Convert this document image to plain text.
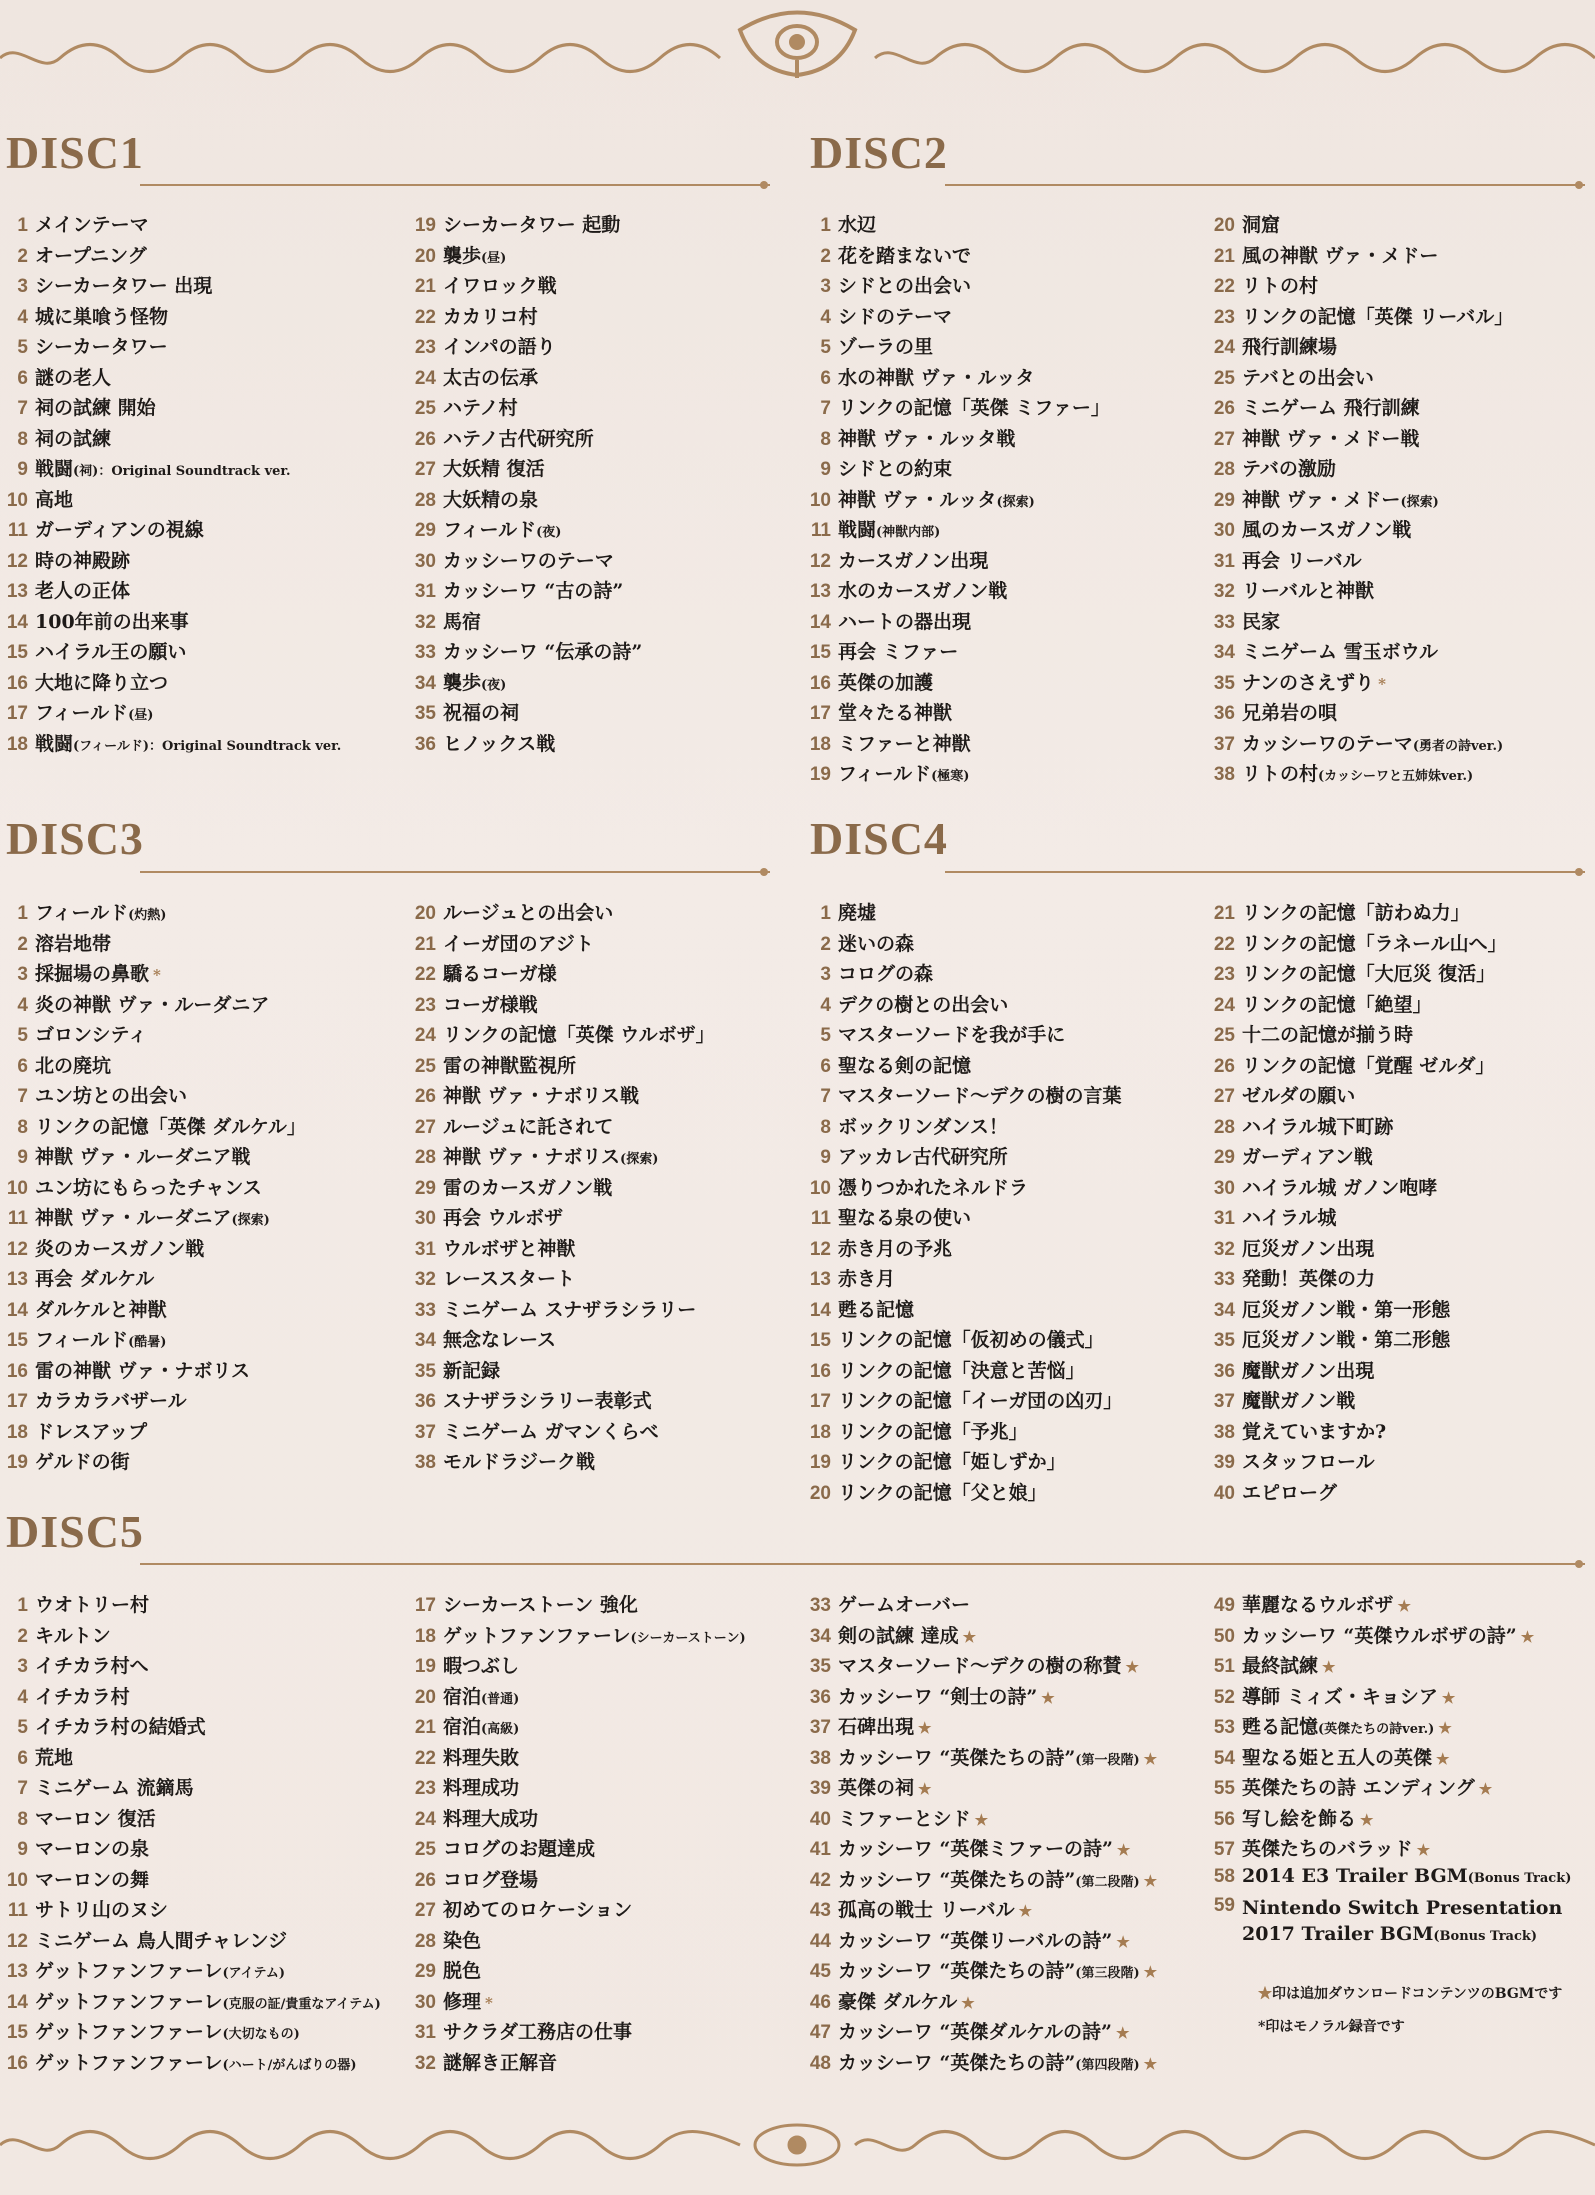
DISC1	DISC2
DISC3	DISC4
DISC5
1 メインテーマ
2 オープニング
3 シーカータワー 出現
4 城に巣喰う怪物
5 シーカータワー
6 謎の老人
7 祠の試練 開始
8 祠の試練
9 戦闘(祠)：Original Soundtrack ver.
10 高地
11 ガーディアンの視線
12 時の神殿跡
13 老人の正体
14 100年前の出来事
15 ハイラル王の願い
16 大地に降り立つ
17 フィールド(昼)
18 戦闘(フィールド)：Original Soundtrack ver.
19 シーカータワー 起動
20 襲歩(昼)
21 イワロック戦
22 カカリコ村
23 インパの語り
24 太古の伝承
25 ハテノ村
26 ハテノ古代研究所
27 大妖精 復活
28 大妖精の泉
29 フィールド(夜)
30 カッシーワのテーマ
31 カッシーワ “古の詩”
32 馬宿
33 カッシーワ “伝承の詩”
34 襲歩(夜)
35 祝福の祠
36 ヒノックス戦
1 水辺
2 花を踏まないで
3 シドとの出会い
4 シドのテーマ
5 ゾーラの里
6 水の神獣 ヴァ・ルッタ
7 リンクの記憶「英傑 ミファー」
8 神獣 ヴァ・ルッタ戦
9 シドとの約束
10 神獣 ヴァ・ルッタ(探索)
11 戦闘(神獣内部)
12 カースガノン出現
13 水のカースガノン戦
14 ハートの器出現
15 再会 ミファー
16 英傑の加護
17 堂々たる神獣
18 ミファーと神獣
19 フィールド(極寒)
20 洞窟
21 風の神獣 ヴァ・メドー
22 リトの村
23 リンクの記憶「英傑 リーバル」
24 飛行訓練場
25 テバとの出会い
26 ミニゲーム 飛行訓練
27 神獣 ヴァ・メドー戦
28 テバの激励
29 神獣 ヴァ・メドー(探索)
30 風のカースガノン戦
31 再会 リーバル
32 リーバルと神獣
33 民家
34 ミニゲーム 雪玉ボウル
35 ナンのさえずり *
36 兄弟岩の唄
37 カッシーワのテーマ(勇者の詩ver.)
38 リトの村(カッシーワと五姉妹ver.)
1 フィールド(灼熱)
2 溶岩地帯
3 採掘場の鼻歌 *
4 炎の神獣 ヴァ・ルーダニア
5 ゴロンシティ
6 北の廃坑
7 ユン坊との出会い
8 リンクの記憶「英傑 ダルケル」
9 神獣 ヴァ・ルーダニア戦
10 ユン坊にもらったチャンス
11 神獣 ヴァ・ルーダニア(探索)
12 炎のカースガノン戦
13 再会 ダルケル
14 ダルケルと神獣
15 フィールド(酷暑)
16 雷の神獣 ヴァ・ナボリス
17 カラカラバザール
18 ドレスアップ
19 ゲルドの街
20 ルージュとの出会い
21 イーガ団のアジト
22 驕るコーガ様
23 コーガ様戦
24 リンクの記憶「英傑 ウルボザ」
25 雷の神獣監視所
26 神獣 ヴァ・ナボリス戦
27 ルージュに託されて
28 神獣 ヴァ・ナボリス(探索)
29 雷のカースガノン戦
30 再会 ウルボザ
31 ウルボザと神獣
32 レーススタート
33 ミニゲーム スナザラシラリー
34 無念なレース
35 新記録
36 スナザラシラリー表彰式
37 ミニゲーム ガマンくらべ
38 モルドラジーク戦
1 廃墟
2 迷いの森
3 コログの森
4 デクの樹との出会い
5 マスターソードを我が手に
6 聖なる剣の記憶
7 マスターソード〜デクの樹の言葉
8 ボックリンダンス！
9 アッカレ古代研究所
10 憑りつかれたネルドラ
11 聖なる泉の使い
12 赤き月の予兆
13 赤き月
14 甦る記憶
15 リンクの記憶「仮初めの儀式」
16 リンクの記憶「決意と苦悩」
17 リンクの記憶「イーガ団の凶刃」
18 リンクの記憶「予兆」
19 リンクの記憶「姫しずか」
20 リンクの記憶「父と娘」
21 リンクの記憶「訪わぬ力」
22 リンクの記憶「ラネール山へ」
23 リンクの記憶「大厄災 復活」
24 リンクの記憶「絶望」
25 十二の記憶が揃う時
26 リンクの記憶「覚醒 ゼルダ」
27 ゼルダの願い
28 ハイラル城下町跡
29 ガーディアン戦
30 ハイラル城 ガノン咆哮
31 ハイラル城
32 厄災ガノン出現
33 発動！英傑の力
34 厄災ガノン戦・第一形態
35 厄災ガノン戦・第二形態
36 魔獣ガノン出現
37 魔獣ガノン戦
38 覚えていますか?
39 スタッフロール
40 エピローグ
1 ウオトリー村
2 キルトン
3 イチカラ村へ
4 イチカラ村
5 イチカラ村の結婚式
6 荒地
7 ミニゲーム 流鏑馬
8 マーロン 復活
9 マーロンの泉
10 マーロンの舞
11 サトリ山のヌシ
12 ミニゲーム 鳥人間チャレンジ
13 ゲットファンファーレ(アイテム)
14 ゲットファンファーレ(克服の証/貴重なアイテム)
15 ゲットファンファーレ(大切なもの)
16 ゲットファンファーレ(ハート/がんばりの器)
17 シーカーストーン 強化
18 ゲットファンファーレ(シーカーストーン)
19 暇つぶし
20 宿泊(普通)
21 宿泊(高級)
22 料理失敗
23 料理成功
24 料理大成功
25 コログのお題達成
26 コログ登場
27 初めてのロケーション
28 染色
29 脱色
30 修理 *
31 サクラダ工務店の仕事
32 謎解き正解音
33 ゲームオーバー
34 剣の試練 達成 ★
35 マスターソード〜デクの樹の称賛 ★
36 カッシーワ “剣士の詩” ★
37 石碑出現 ★
38 カッシーワ “英傑たちの詩”(第一段階) ★
39 英傑の祠 ★
40 ミファーとシド ★
41 カッシーワ “英傑ミファーの詩” ★
42 カッシーワ “英傑たちの詩”(第二段階) ★
43 孤高の戦士 リーバル ★
44 カッシーワ “英傑リーバルの詩” ★
45 カッシーワ “英傑たちの詩”(第三段階) ★
46 豪傑 ダルケル ★
47 カッシーワ “英傑ダルケルの詩” ★
48 カッシーワ “英傑たちの詩”(第四段階) ★
49 華麗なるウルボザ ★
50 カッシーワ “英傑ウルボザの詩” ★
51 最終試練 ★
52 導師 ミィズ・キョシア ★
53 甦る記憶(英傑たちの詩ver.) ★
54 聖なる姫と五人の英傑 ★
55 英傑たちの詩 エンディング ★
56 写し絵を飾る ★
57 英傑たちのバラッド ★
58 2014 E3 Trailer BGM(Bonus Track)
59 Nintendo Switch Presentation 2017 Trailer BGM(Bonus Track)
★印は追加ダウンロードコンテンツのBGMです
*印はモノラル録音です
